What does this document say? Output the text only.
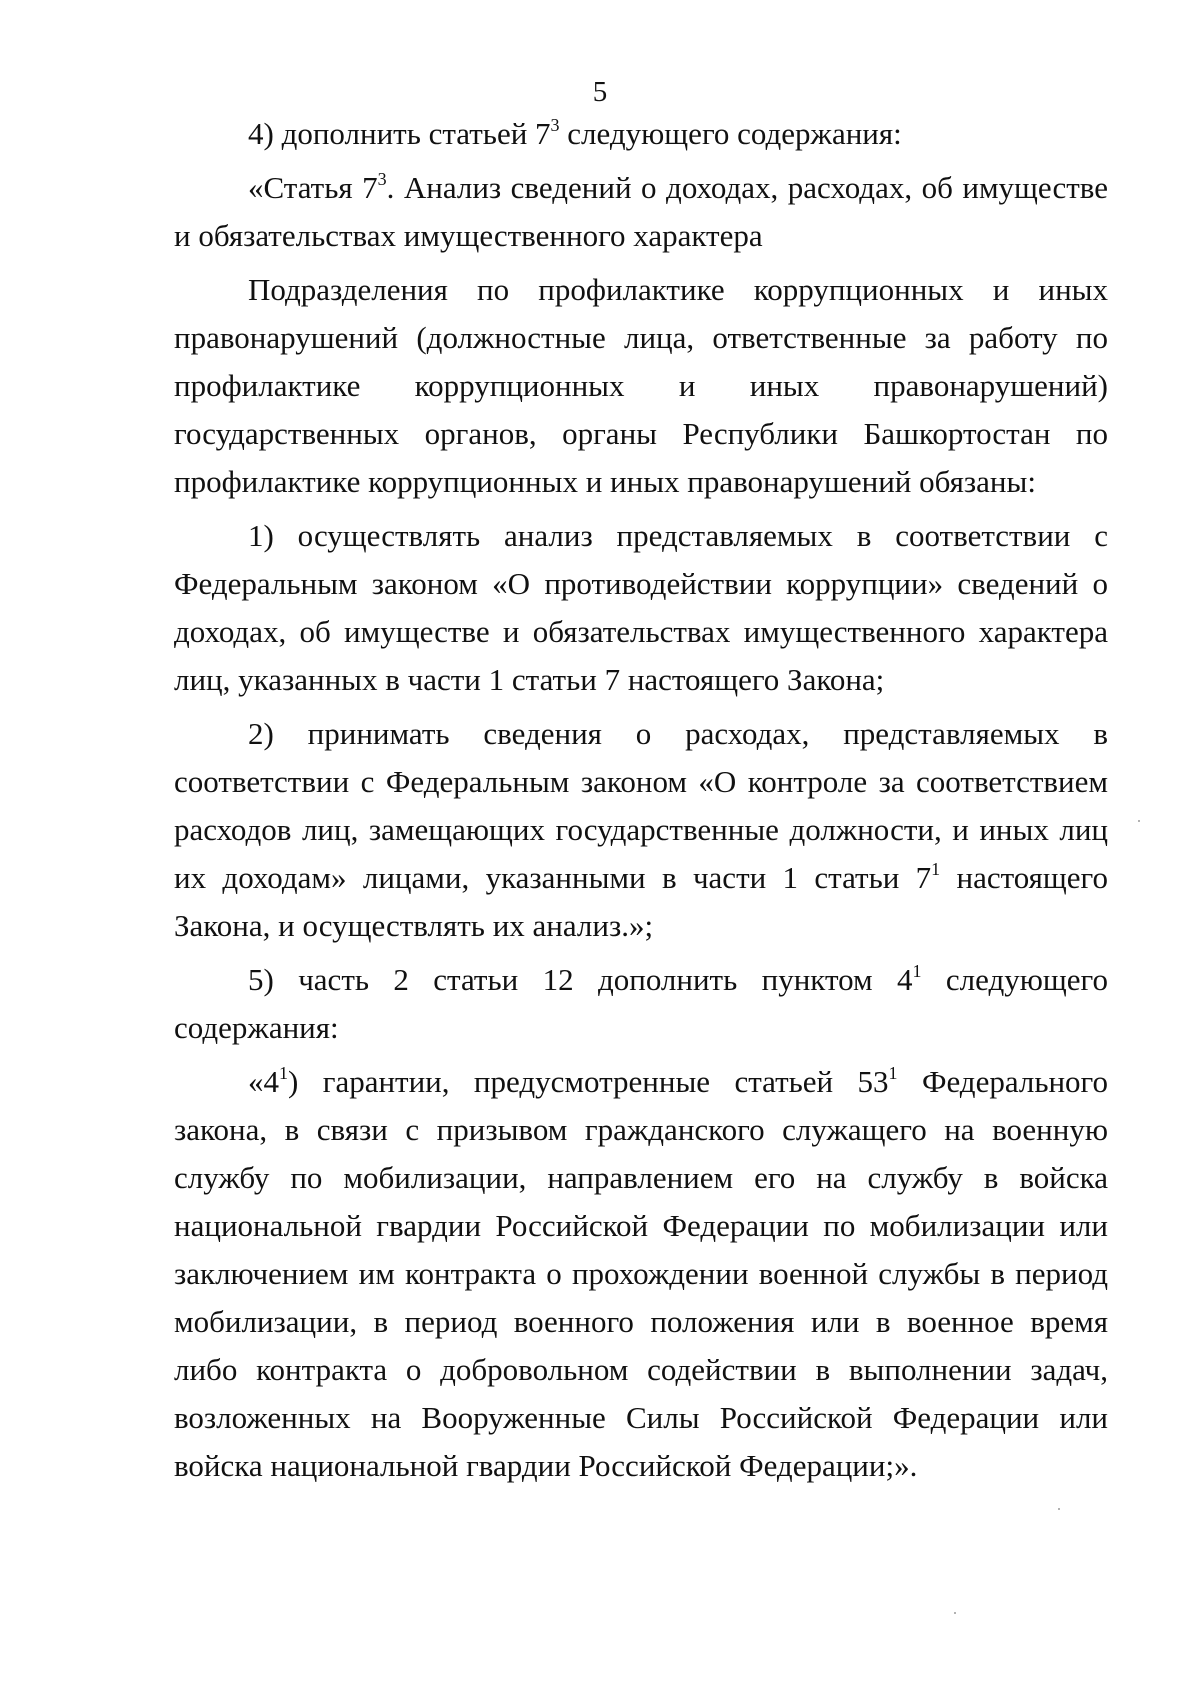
5

4) дополнить статьей $7^3$ следующего содержания:

«Статья $7^3$. Анализ сведений о доходах, расходах, об имуществе и обязательствах имущественного характера

Подразделения по профилактике коррупционных и иных правонарушений (должностные лица, ответственные за работу по профилактике коррупционных и иных правонарушений) государственных органов, органы Республики Башкортостан по профилактике коррупционных и иных правонарушений обязаны:

1) осуществлять анализ представляемых в соответствии с Федеральным законом «О противодействии коррупции» сведений о доходах, об имуществе и обязательствах имущественного характера лиц, указанных в части 1 статьи 7 настоящего Закона;

2) принимать сведения о расходах, представляемых в соответствии с Федеральным законом «О контроле за соответствием расходов лиц, замещающих государственные должности, и иных лиц их доходам» лицами, указанными в части 1 статьи $7^1$ настоящего Закона, и осуществлять их анализ.»;

5) часть 2 статьи 12 дополнить пунктом $4^1$ следующего содержания:

«$4^1$) гарантии, предусмотренные статьей $53^1$ Федерального закона, в связи с призывом гражданского служащего на военную службу по мобилизации, направлением его на службу в войска национальной гвардии Российской Федерации по мобилизации или заключением им контракта о прохождении военной службы в период мобилизации, в период военного положения или в военное время либо контракта о добровольном содействии в выполнении задач, возложенных на Вооруженные Силы Российской Федерации или войска национальной гвардии Российской Федерации;».
